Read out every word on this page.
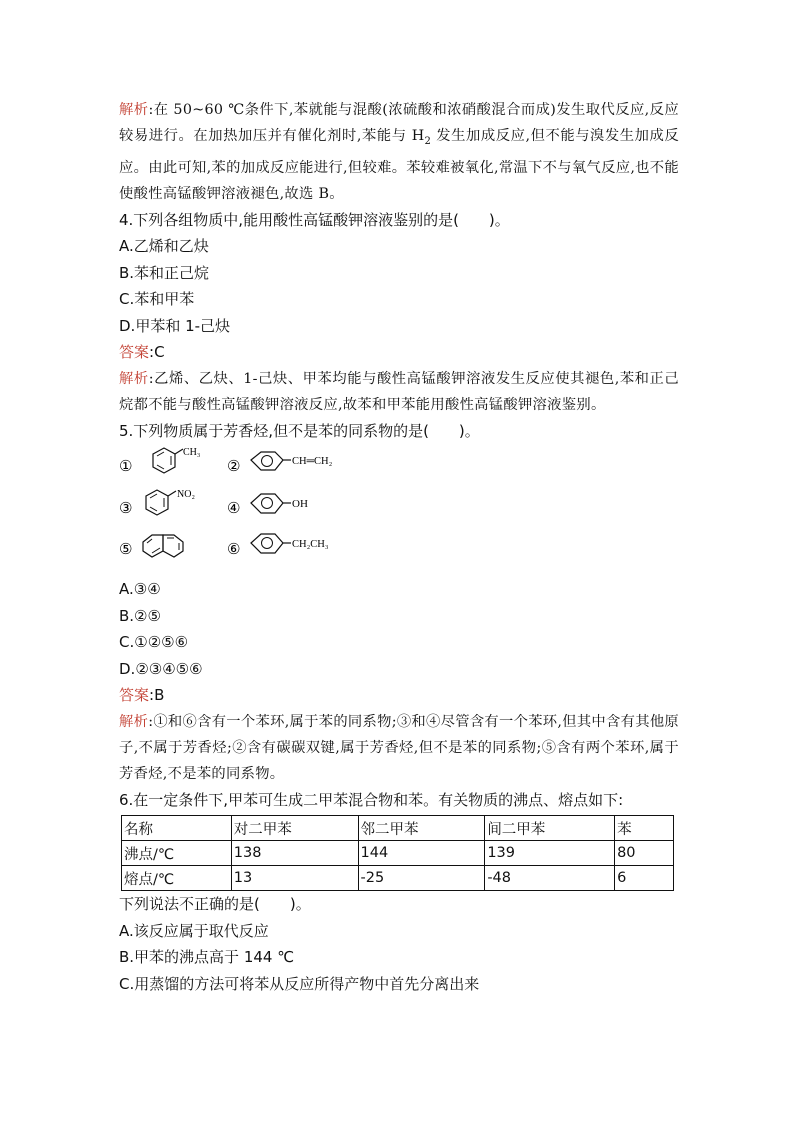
解析:在 50~60 ℃条件下,苯就能与混酸(浓硫酸和浓硝酸混合而成)发生取代反应,反应较易进行。在加热加压并有催化剂时,苯能与 $H_2$ 发生加成反应,但不能与溴发生加成反应。由此可知,苯的加成反应能进行,但较难。苯较难被氧化,常温下不与氧气反应,也不能使酸性高锰酸钾溶液褪色,故选 B。

4.下列各组物质中,能用酸性高锰酸钾溶液鉴别的是(　　)。

A.乙烯和乙炔

B.苯和正己烷

C.苯和甲苯

D.甲苯和 1-己炔

答案:C

解析:乙烯、乙炔、1-己炔、甲苯均能与酸性高锰酸钾溶液发生反应使其褪色,苯和正己烷都不能与酸性高锰酸钾溶液反应,故苯和甲苯能用酸性高锰酸钾溶液鉴别。

5.下列物质属于芳香烃,但不是苯的同系物的是(　　)。

①
CH₃
②	CH═CH₂
③
NO₂
④	OH
⑤	⑥	CH₂CH₃

A.③④

B.②⑤

C.①②⑤⑥

D.②③④⑤⑥

答案:B

解析:①和⑥含有一个苯环,属于苯的同系物;③和④尽管含有一个苯环,但其中含有其他原子,不属于芳香烃;②含有碳碳双键,属于芳香烃,但不是苯的同系物;⑤含有两个苯环,属于芳香烃,不是苯的同系物。

6.在一定条件下,甲苯可生成二甲苯混合物和苯。有关物质的沸点、熔点如下:

名称	对二甲苯	邻二甲苯	间二甲苯	苯
沸点/℃	138	144	139	80
熔点/℃	13	-25	-48	6

下列说法不正确的是(　　)。

A.该反应属于取代反应

B.甲苯的沸点高于 144 ℃

C.用蒸馏的方法可将苯从反应所得产物中首先分离出来
